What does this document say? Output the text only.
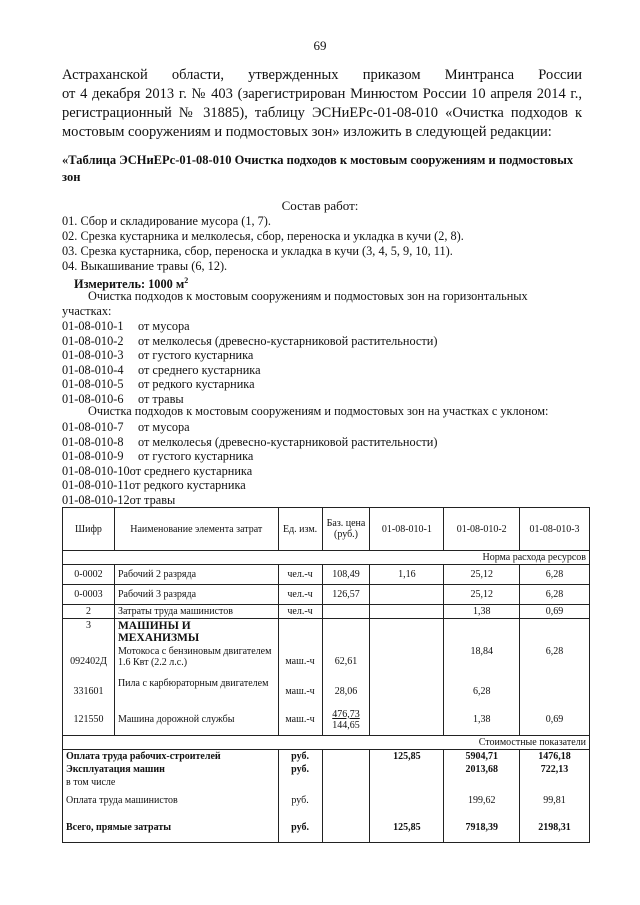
69
Астраханской области, утвержденных приказом Минтранса России
от 4 декабря 2013 г. № 403 (зарегистрирован Минюстом России 10 апреля 2014 г., регистрационный № 31885), таблицу ЭСНиЕРс-01-08-010 «Очистка подходов к мостовым сооружениям и подмостовых зон» изложить в следующей редакции:
«Таблица ЭСНиЕРс-01-08-010 Очистка подходов к мостовым сооружениям и подмостовых зон
Состав работ:
01. Сбор и складирование мусора (1, 7).
02. Срезка кустарника и мелколесья, сбор, переноска и укладка в кучи (2, 8).
03. Срезка кустарника, сбор, переноска и укладка в кучи (3, 4, 5, 9, 10, 11).
04. Выкашивание травы (6, 12).
Измеритель: 1000 $м^2$
Очистка подходов к мостовым сооружениям и подмостовых зон на горизонтальных
участках:
01-08-010-1 от мусора
01-08-010-2 от мелколесья (древесно-кустарниковой растительности)
01-08-010-3 от густого кустарника
01-08-010-4 от среднего кустарника
01-08-010-5 от редкого кустарника
01-08-010-6 от травы
Очистка подходов к мостовым сооружениям и подмостовых зон на участках с уклоном:
01-08-010-7 от мусора
01-08-010-8 от мелколесья (древесно-кустарниковой растительности)
01-08-010-9 от густого кустарника
01-08-010-10от среднего кустарника
01-08-010-11от редкого кустарника
01-08-010-12от травы
Шифр	Наименование элемента затрат	Ед. изм.	Баз. цена (руб.)	01-08-010-1	01-08-010-2	01-08-010-3
Норма расхода ресурсов						
0-0002	Рабочий 2 разряда	чел.-ч	108,49	1,16	25,12	6,28
0-0003	Рабочий 3 разряда	чел.-ч	126,57		25,12	6,28
2	Затраты труда машинистов	чел.-ч			1,38	0,69
3	МАШИНЫ И МЕХАНИЗМЫ					
092402Д	Мотокоса с бензиновым двигателем 1.6 Квт (2.2 л.с.)	маш.-ч	62,61		18,84	6,28
331601	Пила с карбюраторным двигателем	маш.-ч	28,06		6,28	
121550	Машина дорожной службы	маш.-ч	476,73
144,65		1,38	0,69
Стоимостные показатели						
Оплата труда рабочих-строителей		руб.		125,85	5904,71	1476,18
Эксплуатация машин		руб.			2013,68	722,13
в том числе						
Оплата труда машинистов		руб.			199,62	99,81
Всего, прямые затраты		руб.		125,85	7918,39	2198,31
